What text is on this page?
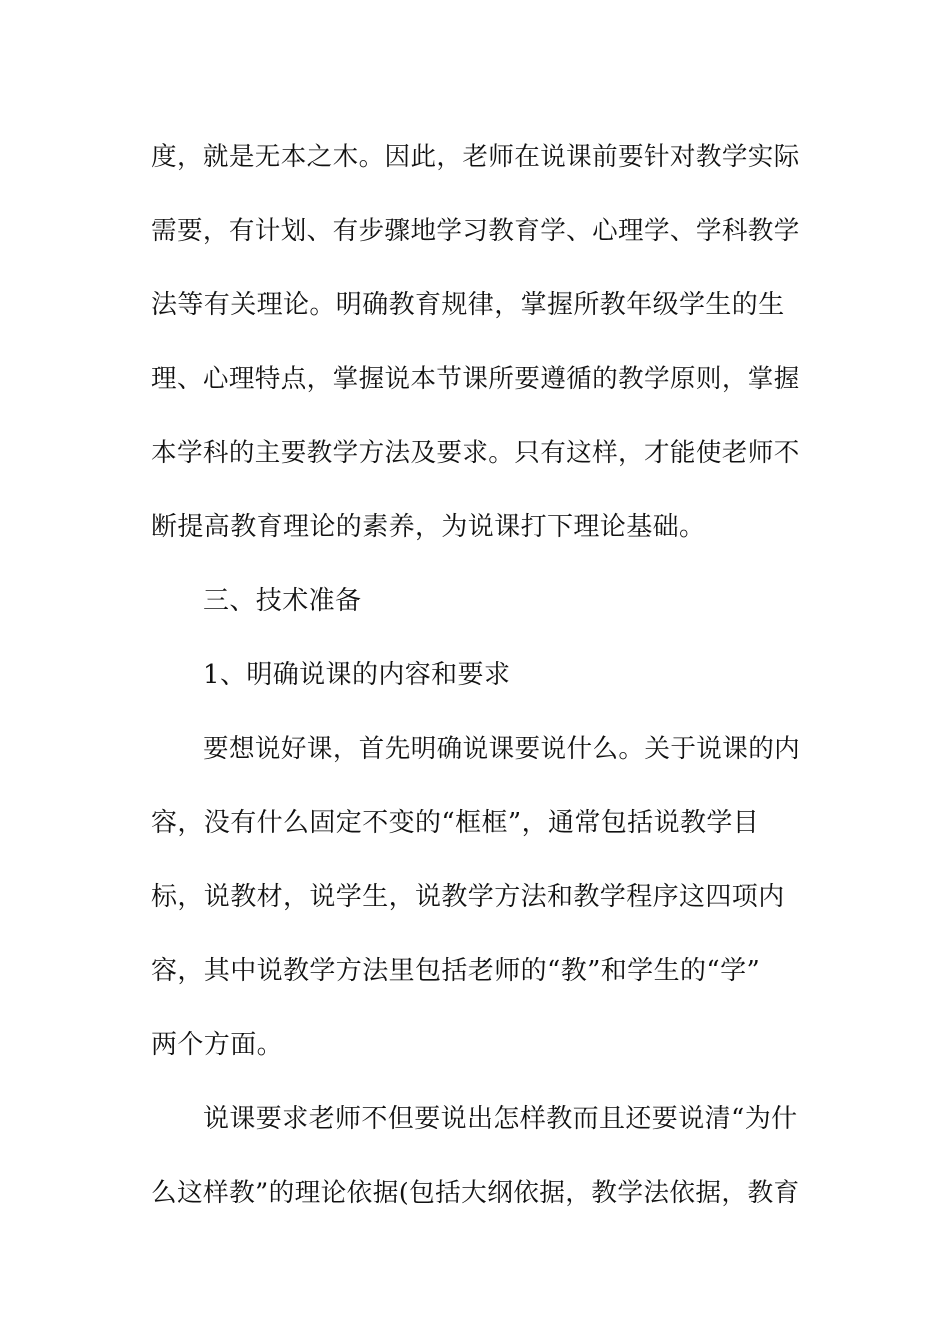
度，就是无本之木。因此，老师在说课前要针对教学实际
需要，有计划、有步骤地学习教育学、心理学、学科教学
法等有关理论。明确教育规律，掌握所教年级学生的生
理、心理特点，掌握说本节课所要遵循的教学原则，掌握
本学科的主要教学方法及要求。只有这样，才能使老师不
断提高教育理论的素养，为说课打下理论基础。
三、技术准备
1、明确说课的内容和要求
要想说好课，首先明确说课要说什么。关于说课的内
容，没有什么固定不变的“框框”，通常包括说教学目
标，说教材，说学生，说教学方法和教学程序这四项内
容，其中说教学方法里包括老师的“教”和学生的“学”
两个方面。
说课要求老师不但要说出怎样教而且还要说清“为什
么这样教”的理论依据(包括大纲依据，教学法依据，教育
